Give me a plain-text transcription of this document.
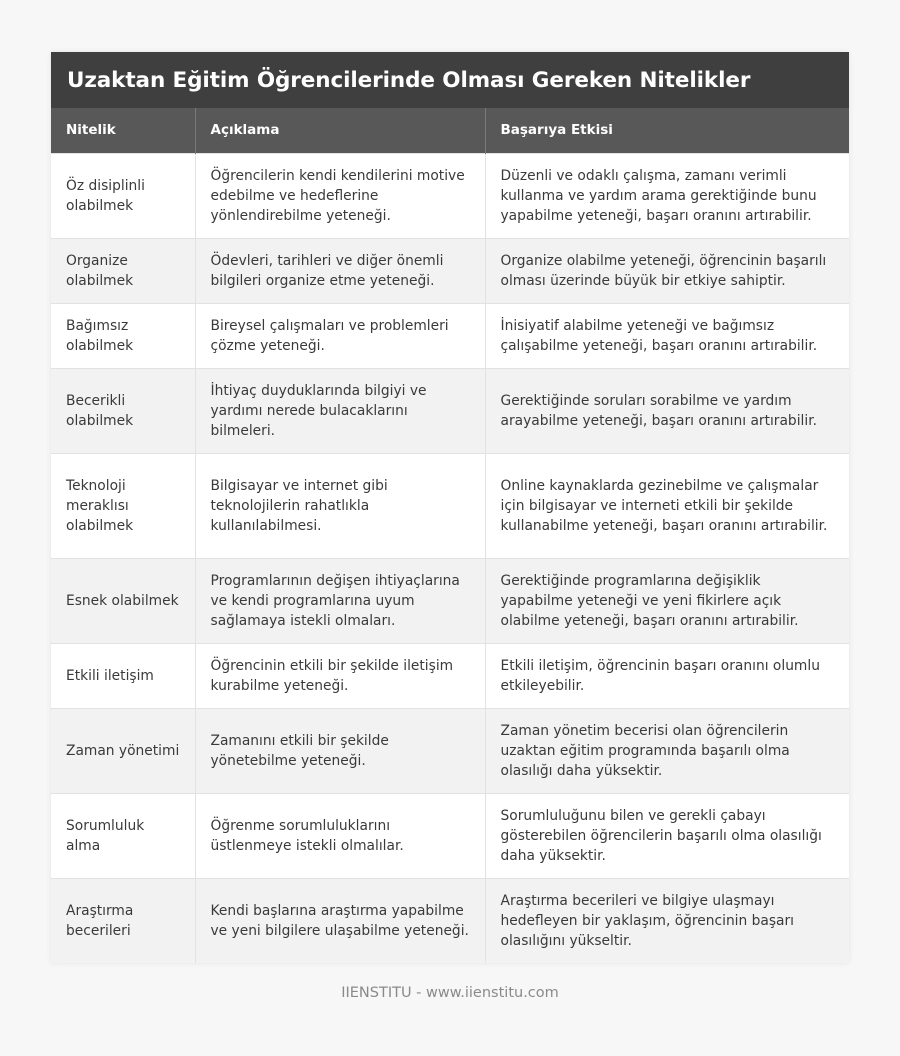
Uzaktan Eğitim Öğrencilerinde Olması Gereken Nitelikler
Nitelik	Açıklama	Başarıya Etkisi
Öz disiplinli olabilmek	Öğrencilerin kendi kendilerini motive edebilme ve hedeflerine yönlendirebilme yeteneği.	Düzenli ve odaklı çalışma, zamanı verimli kullanma ve yardım arama gerektiğinde bunu yapabilme yeteneği, başarı oranını artırabilir.
Organize olabilmek	Ödevleri, tarihleri ve diğer önemli bilgileri organize etme yeteneği.	Organize olabilme yeteneği, öğrencinin başarılı olması üzerinde büyük bir etkiye sahiptir.
Bağımsız olabilmek	Bireysel çalışmaları ve problemleri çözme yeteneği.	İnisiyatif alabilme yeteneği ve bağımsız çalışabilme yeteneği, başarı oranını artırabilir.
Becerikli olabilmek	İhtiyaç duyduklarında bilgiyi ve yardımı nerede bulacaklarını bilmeleri.	Gerektiğinde soruları sorabilme ve yardım arayabilme yeteneği, başarı oranını artırabilir.
Teknoloji meraklısı olabilmek	Bilgisayar ve internet gibi teknolojilerin rahatlıkla kullanılabilmesi.	Online kaynaklarda gezinebilme ve çalışmalar için bilgisayar ve interneti etkili bir şekilde kullanabilme yeteneği, başarı oranını artırabilir.
Esnek olabilmek	Programlarının değişen ihtiyaçlarına ve kendi programlarına uyum sağlamaya istekli olmaları.	Gerektiğinde programlarına değişiklik yapabilme yeteneği ve yeni fikirlere açık olabilme yeteneği, başarı oranını artırabilir.
Etkili iletişim	Öğrencinin etkili bir şekilde iletişim kurabilme yeteneği.	Etkili iletişim, öğrencinin başarı oranını olumlu etkileyebilir.
Zaman yönetimi	Zamanını etkili bir şekilde yönetebilme yeteneği.	Zaman yönetim becerisi olan öğrencilerin uzaktan eğitim programında başarılı olma olasılığı daha yüksektir.
Sorumluluk alma	Öğrenme sorumluluklarını üstlenmeye istekli olmalılar.	Sorumluluğunu bilen ve gerekli çabayı gösterebilen öğrencilerin başarılı olma olasılığı daha yüksektir.
Araştırma becerileri	Kendi başlarına araştırma yapabilme ve yeni bilgilere ulaşabilme yeteneği.	Araştırma becerileri ve bilgiye ulaşmayı hedefleyen bir yaklaşım, öğrencinin başarı olasılığını yükseltir.
IIENSTITU - www.iienstitu.com
